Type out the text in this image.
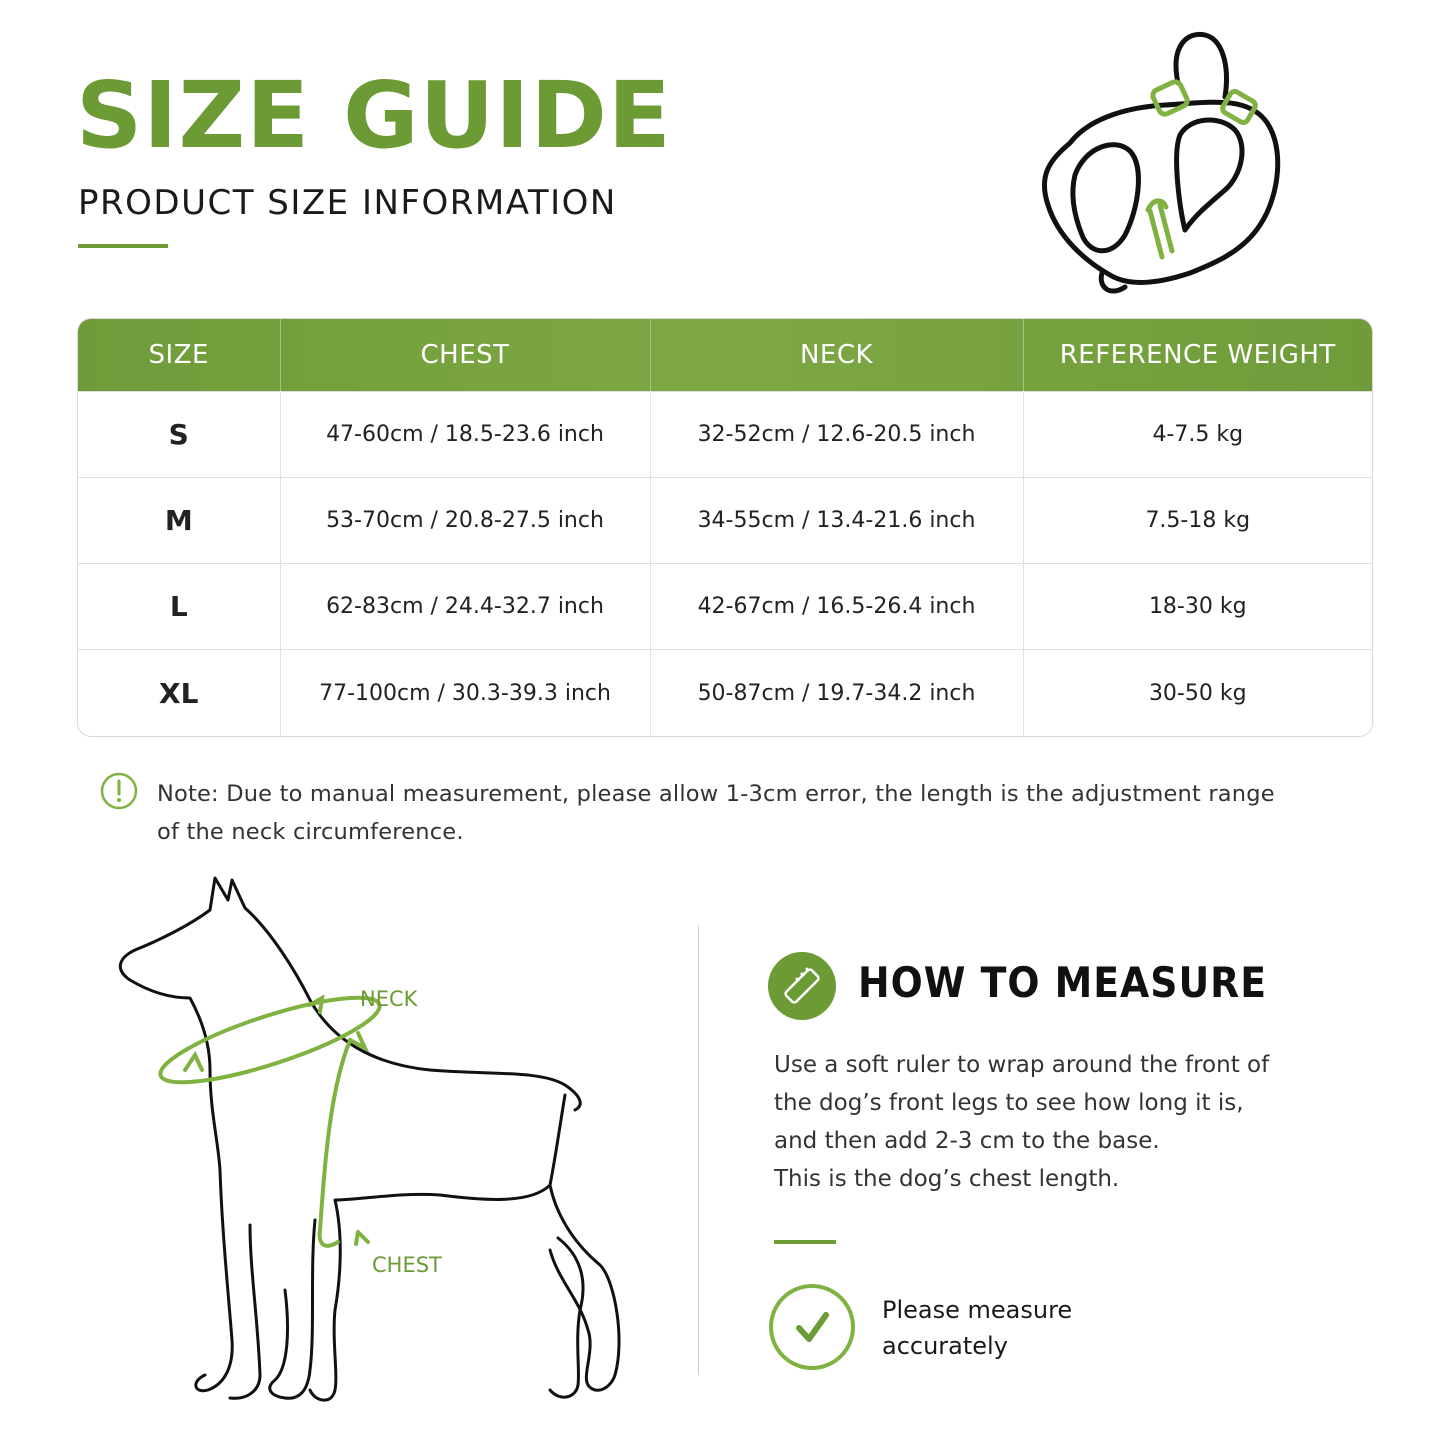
SIZE GUIDE
PRODUCT SIZE INFORMATION
SIZE	CHEST	NECK	REFERENCE WEIGHT
S	47-60cm / 18.5-23.6 inch	32-52cm / 12.6-20.5 inch	4-7.5 kg
M	53-70cm / 20.8-27.5 inch	34-55cm / 13.4-21.6 inch	7.5-18 kg
L	62-83cm / 24.4-32.7 inch	42-67cm / 16.5-26.4 inch	18-30 kg
XL	77-100cm / 30.3-39.3 inch	50-87cm / 19.7-34.2 inch	30-50 kg
Note: Due to manual measurement, please allow 1-3cm error, the length is the adjustment range of the neck circumference.
NECK
CHEST
HOW TO MEASURE
Use a soft ruler to wrap around the front of
the dog’s front legs to see how long it is,
and then add 2-3 cm to the base.
This is the dog’s chest length.
Please measure
accurately
